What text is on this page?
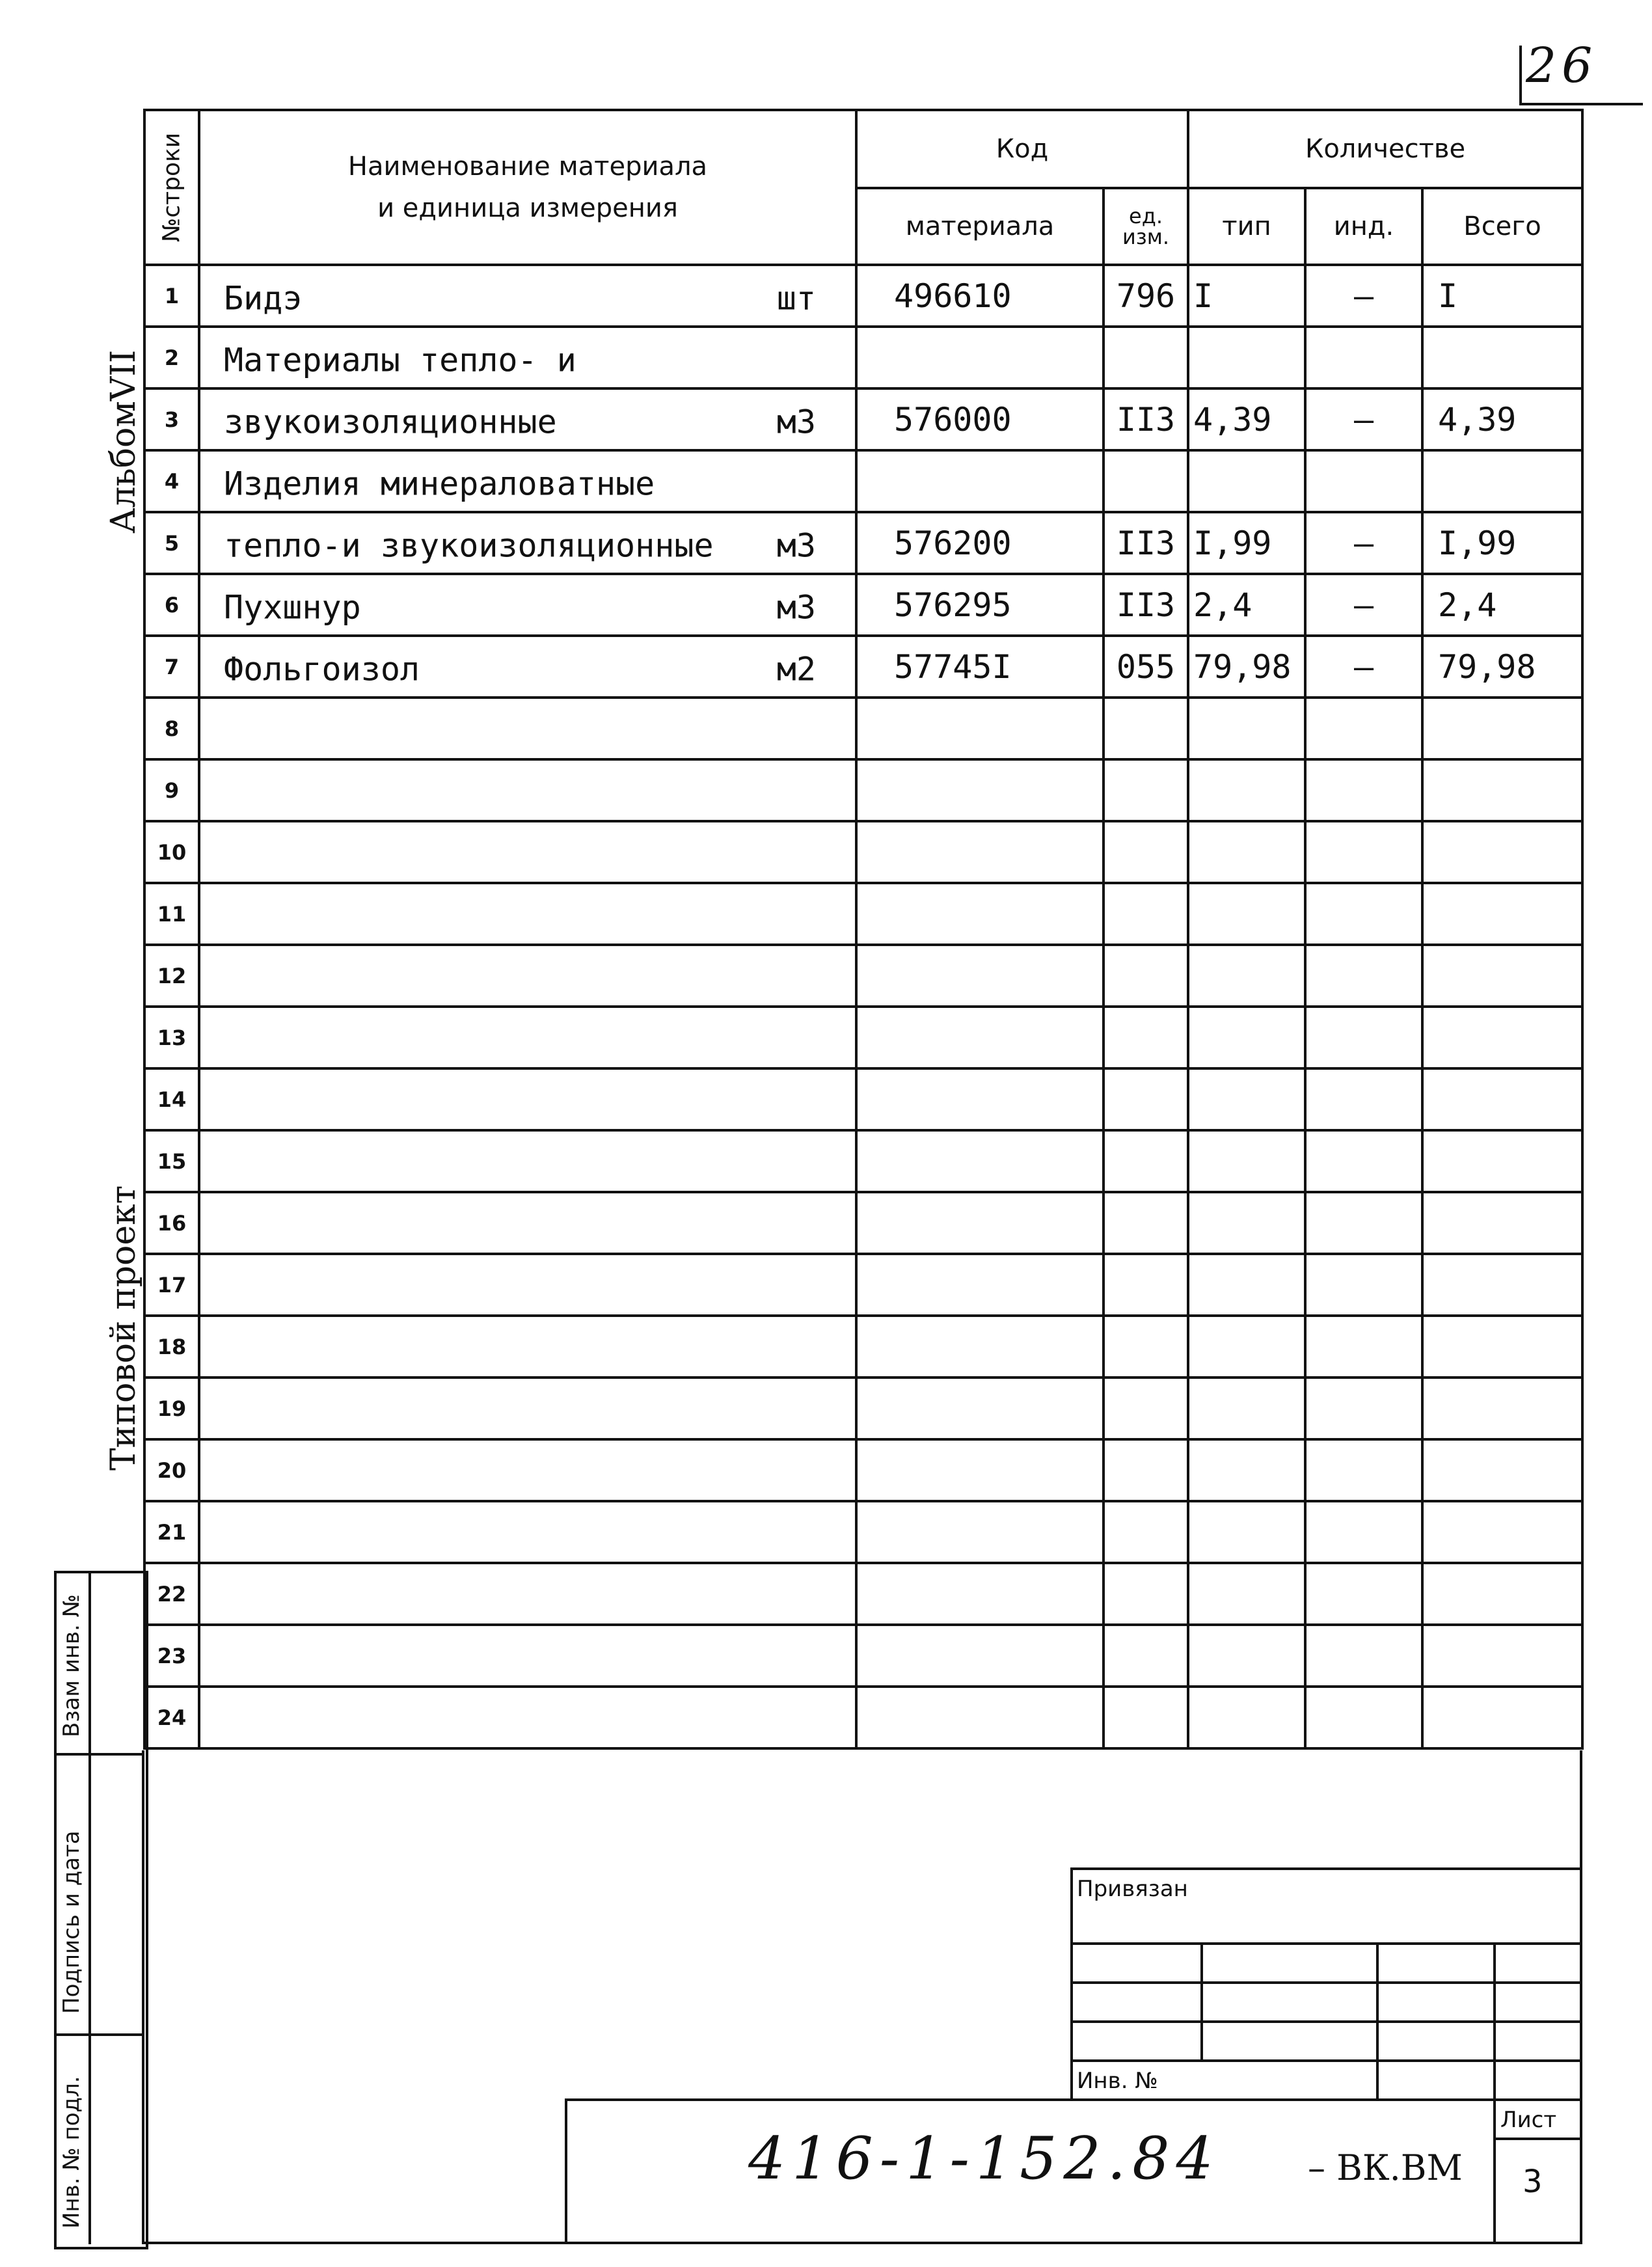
26
№строки	Наименование материала
и единица измерения	Код		Количестве		
		материала	ед. изм.	тип	инд.	Всего
1	Бидэ шт	496610	796	I	–	I
2	Материалы тепло- и					

3	звукоизоляционные м3	576000	II3	4,39	–	4,39
4	Изделия минераловатные					

5	тепло-и звукоизоляционные м3	576200	II3	I,99	–	I,99
6	Пухшнур м3	576295	II3	2,4	–	2,4
7	Фольгоизол м2	57745I	055	79,98	–	79,98
8	

9	

10	

11	

12	

13	

14	

15	

16	

17	

18	

19	

20	

21	

22	

23	

24	

АльбомVII
Типовой проект
Взам инв. №
Подпись и дата
Инв. № подл.
Привязан
Инв. №
416-1-152.84	– ВК.ВМ
Лист
3
